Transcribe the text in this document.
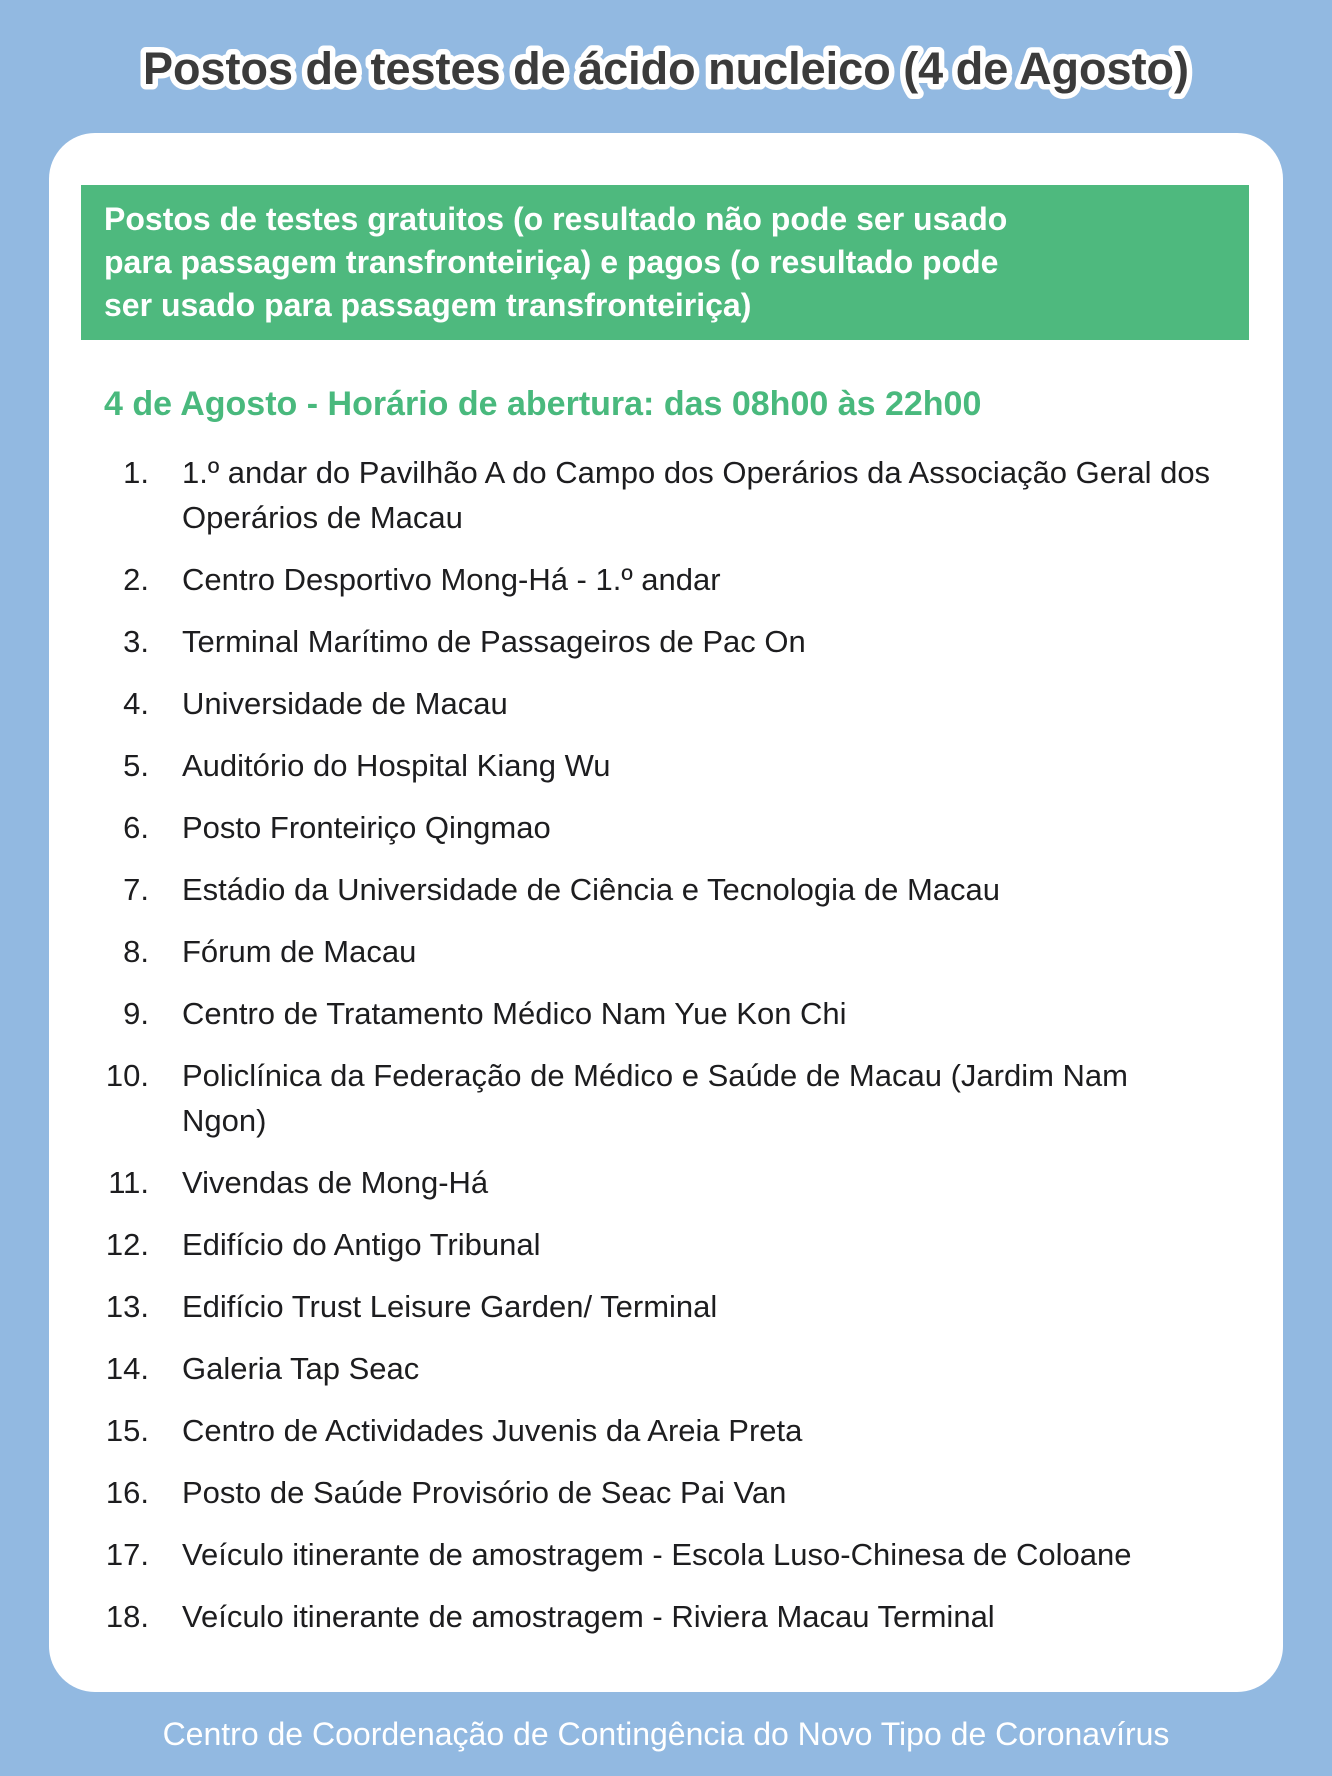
Postos de testes de ácido nucleico (4 de Agosto)
Postos de testes gratuitos (o resultado não pode ser usado
para passagem transfronteiriça) e pagos (o resultado pode
ser usado para passagem transfronteiriça)
4 de Agosto - Horário de abertura: das 08h00 às 22h00
1. 1.º andar do Pavilhão A do Campo dos Operários da Associação Geral dos Operários de Macau
2. Centro Desportivo Mong-Há - 1.º andar
3. Terminal Marítimo de Passageiros de Pac On
4. Universidade de Macau
5. Auditório do Hospital Kiang Wu
6. Posto Fronteiriço Qingmao
7. Estádio da Universidade de Ciência e Tecnologia de Macau
8. Fórum de Macau
9. Centro de Tratamento Médico Nam Yue Kon Chi
10. Policlínica da Federação de Médico e Saúde de Macau (Jardim Nam Ngon)
11. Vivendas de Mong-Há
12. Edifício do Antigo Tribunal
13. Edifício Trust Leisure Garden/ Terminal
14. Galeria Tap Seac
15. Centro de Actividades Juvenis da Areia Preta
16. Posto de Saúde Provisório de Seac Pai Van
17. Veículo itinerante de amostragem - Escola Luso-Chinesa de Coloane
18. Veículo itinerante de amostragem - Riviera Macau Terminal
Centro de Coordenação de Contingência do Novo Tipo de Coronavírus
